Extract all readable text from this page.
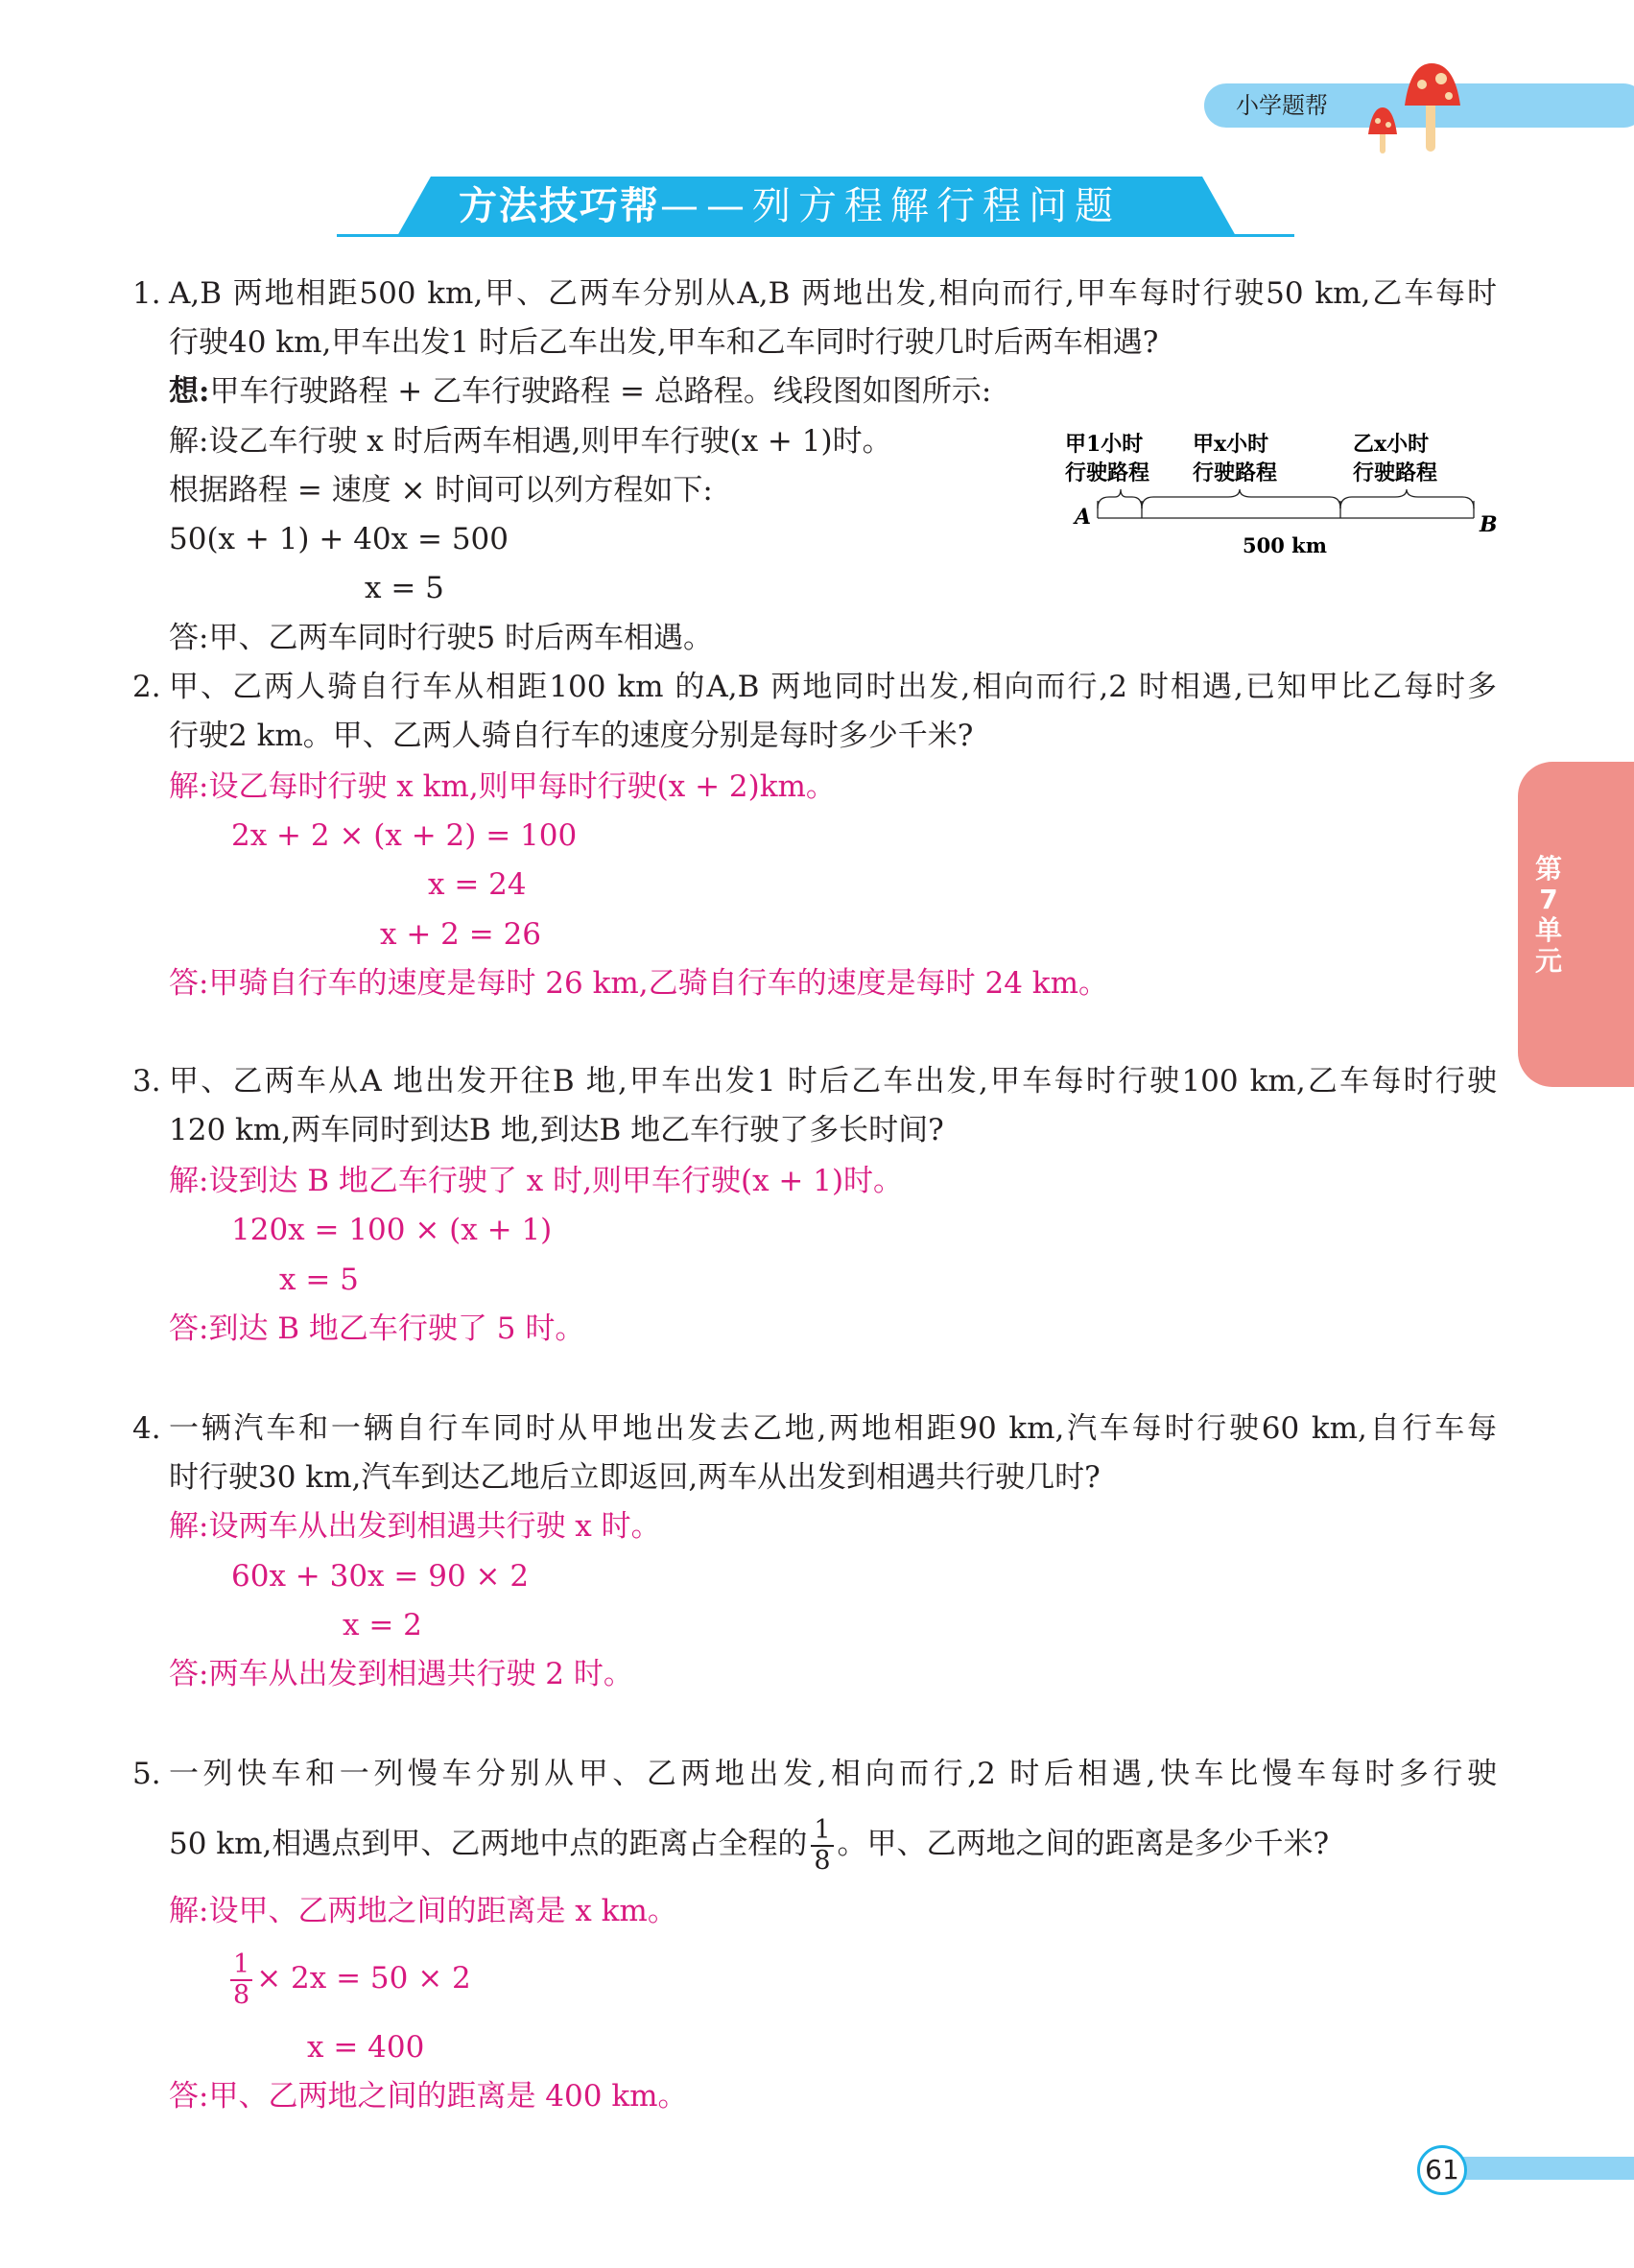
小学题帮
方法技巧帮——列方程解行程问题
第7单元
1. A,B 两地相距500 km,甲、乙两车分别从A,B 两地出发,相向而行,甲车每时行驶50 km,乙车每时
行驶40 km,甲车出发1 时后乙车出发,甲车和乙车同时行驶几时后两车相遇?
想:甲车行驶路程 + 乙车行驶路程 = 总路程。线段图如图所示:
解:设乙车行驶 x 时后两车相遇,则甲车行驶(x + 1)时。
根据路程 = 速度 × 时间可以列方程如下:
50(x + 1) + 40x = 500
x = 5
答:甲、乙两车同时行驶5 时后两车相遇。
甲1小时
行驶路程
甲x小时
行驶路程
乙x小时
行驶路程
A	B
500 km
2. 甲、乙两人骑自行车从相距100 km 的A,B 两地同时出发,相向而行,2 时相遇,已知甲比乙每时多
行驶2 km。甲、乙两人骑自行车的速度分别是每时多少千米?
解:设乙每时行驶 x km,则甲每时行驶(x + 2)km。
2x + 2 × (x + 2) = 100
x = 24
x + 2 = 26
答:甲骑自行车的速度是每时 26 km,乙骑自行车的速度是每时 24 km。
3. 甲、乙两车从A 地出发开往B 地,甲车出发1 时后乙车出发,甲车每时行驶100 km,乙车每时行驶
120 km,两车同时到达B 地,到达B 地乙车行驶了多长时间?
解:设到达 B 地乙车行驶了 x 时,则甲车行驶(x + 1)时。
120x = 100 × (x + 1)
x = 5
答:到达 B 地乙车行驶了 5 时。
4. 一辆汽车和一辆自行车同时从甲地出发去乙地,两地相距90 km,汽车每时行驶60 km,自行车每
时行驶30 km,汽车到达乙地后立即返回,两车从出发到相遇共行驶几时?
解:设两车从出发到相遇共行驶 x 时。
60x + 30x = 90 × 2
x = 2
答:两车从出发到相遇共行驶 2 时。
5. 一列快车和一列慢车分别从甲、乙两地出发,相向而行,2 时后相遇,快车比慢车每时多行驶
50 km,相遇点到甲、乙两地中点的距离占全程的 $\frac{1}{8}$ 。甲、乙两地之间的距离是多少千米?
解:设甲、乙两地之间的距离是 x km。
$\frac{1}{8} \times 2x = 50 \times 2$
x = 400
答:甲、乙两地之间的距离是 400 km。
61
